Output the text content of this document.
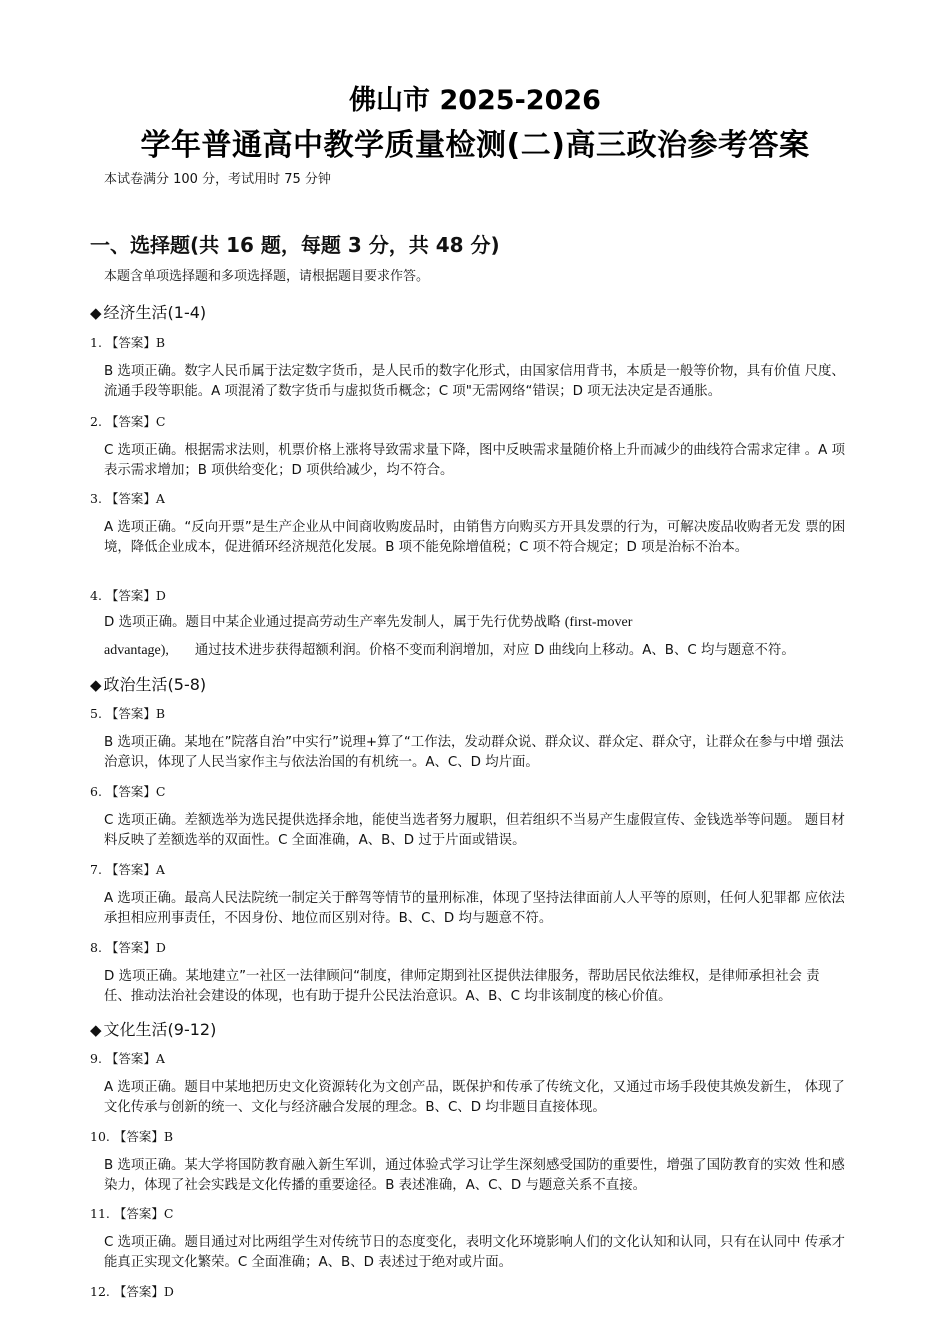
佛山市 2025-2026
学年普通高中教学质量检测(二)高三政治参考答案
本试卷满分 100 分，考试用时 75 分钟
一、选择题(共 16 题，每题 3 分，共 48 分)
本题含单项选择题和多项选择题，请根据题目要求作答。
◆ 经济生活(1-4)
1. 【答案】B
B 选项正确。数字人民币属于法定数字货币，是人民币的数字化形式，由国家信用背书，本质是一般等价物，具有价值 尺度、流通手段等职能。A 项混淆了数字货币与虚拟货币概念；C 项"无需网络“错误；D 项无法决定是否通胀。
2. 【答案】C
C 选项正确。根据需求法则，机票价格上涨将导致需求量下降，图中反映需求量随价格上升而减少的曲线符合需求定律 。A 项表示需求增加；B 项供给变化；D 项供给减少，均不符合。
3. 【答案】A
A 选项正确。“反向开票”是生产企业从中间商收购废品时，由销售方向购买方开具发票的行为，可解决废品收购者无发 票的困境，降低企业成本，促进循环经济规范化发展。B 项不能免除增值税；C 项不符合规定；D 项是治标不治本。
4. 【答案】D
D 选项正确。题目中某企业通过提高劳动生产率先发制人，属于先行优势战略 (first-mover
advantage), 通过技术进步获得超额利润。价格不变而利润增加，对应 D 曲线向上移动。A、B、C 均与题意不符。
◆ 政治生活(5-8)
5. 【答案】B
B 选项正确。某地在”院落自治”中实行”说理+算了“工作法，发动群众说、群众议、群众定、群众守，让群众在参与中增 强法治意识，体现了人民当家作主与依法治国的有机统一。A、C、D 均片面。
6. 【答案】C
C 选项正确。差额选举为选民提供选择余地，能使当选者努力履职，但若组织不当易产生虚假宣传、金钱选举等问题。 题目材料反映了差额选举的双面性。C 全面准确，A、B、D 过于片面或错误。
7. 【答案】A
A 选项正确。最高人民法院统一制定关于醉驾等情节的量刑标准，体现了坚持法律面前人人平等的原则，任何人犯罪都 应依法承担相应刑事责任，不因身份、地位而区别对待。B、C、D 均与题意不符。
8. 【答案】D
D 选项正确。某地建立”一社区一法律顾问“制度，律师定期到社区提供法律服务，帮助居民依法维权，是律师承担社会 责任、推动法治社会建设的体现，也有助于提升公民法治意识。A、B、C 均非该制度的核心价值。
◆ 文化生活(9-12)
9. 【答案】A
A 选项正确。题目中某地把历史文化资源转化为文创产品，既保护和传承了传统文化，又通过市场手段使其焕发新生， 体现了文化传承与创新的统一、文化与经济融合发展的理念。B、C、D 均非题目直接体现。
10. 【答案】B
B 选项正确。某大学将国防教育融入新生军训，通过体验式学习让学生深刻感受国防的重要性，增强了国防教育的实效 性和感染力，体现了社会实践是文化传播的重要途径。B 表述准确，A、C、D 与题意关系不直接。
11. 【答案】C
C 选项正确。题目通过对比两组学生对传统节日的态度变化，表明文化环境影响人们的文化认知和认同，只有在认同中 传承才能真正实现文化繁荣。C 全面准确；A、B、D 表述过于绝对或片面。
12. 【答案】D
